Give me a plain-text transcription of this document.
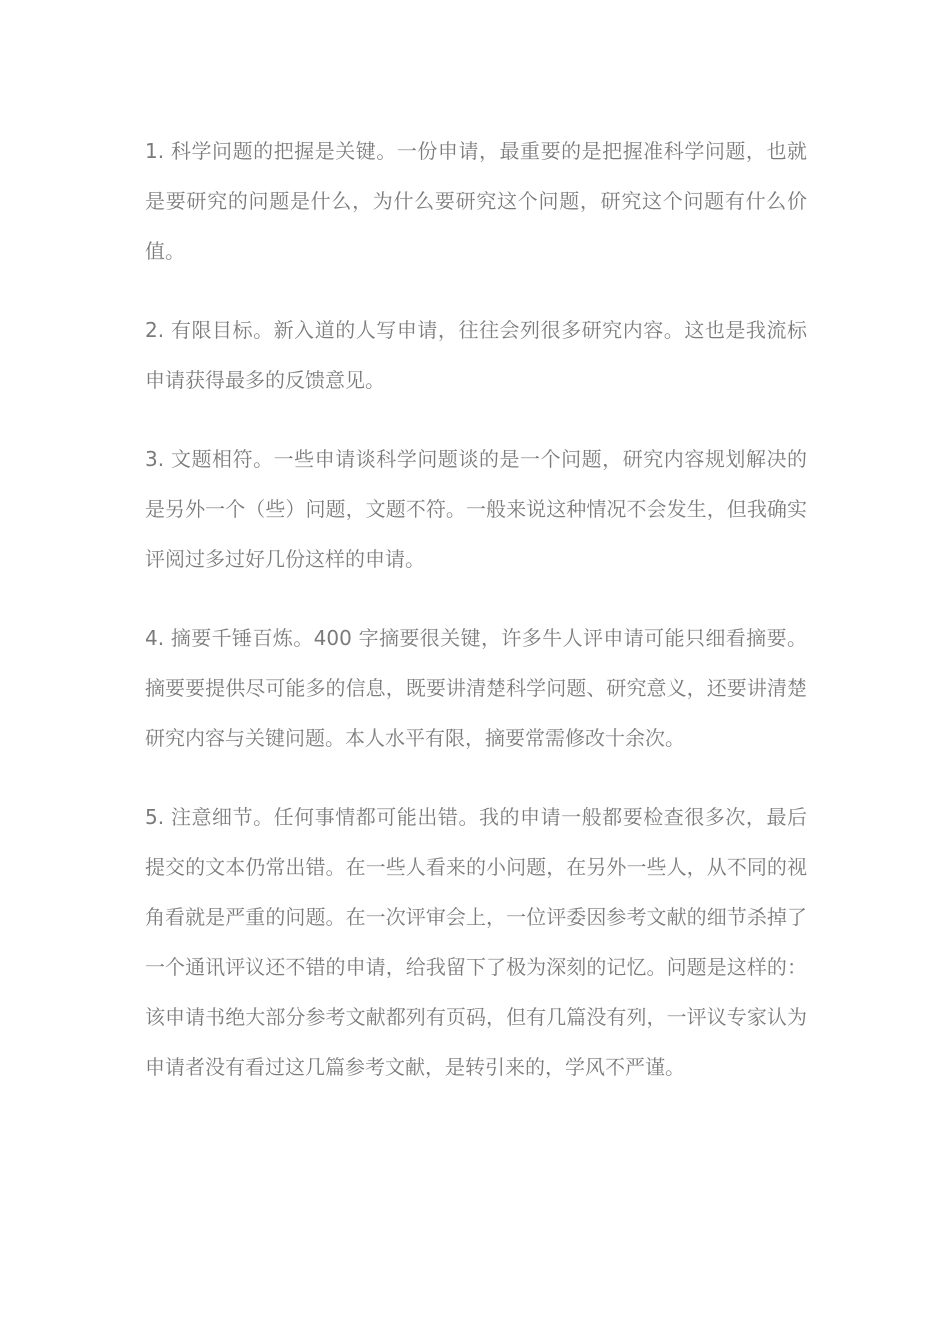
1. 科学问题的把握是关键。一份申请，最重要的是把握准科学问题，也就是要研究的问题是什么，为什么要研究这个问题，研究这个问题有什么价值。

2. 有限目标。新入道的人写申请，往往会列很多研究内容。这也是我流标申请获得最多的反馈意见。

3. 文题相符。一些申请谈科学问题谈的是一个问题，研究内容规划解决的是另外一个（些）问题，文题不符。一般来说这种情况不会发生，但我确实评阅过多过好几份这样的申请。

4. 摘要千锤百炼。400 字摘要很关键，许多牛人评申请可能只细看摘要。摘要要提供尽可能多的信息，既要讲清楚科学问题、研究意义，还要讲清楚研究内容与关键问题。本人水平有限，摘要常需修改十余次。

5. 注意细节。任何事情都可能出错。我的申请一般都要检查很多次，最后提交的文本仍常出错。在一些人看来的小问题，在另外一些人，从不同的视角看就是严重的问题。在一次评审会上，一位评委因参考文献的细节杀掉了一个通讯评议还不错的申请，给我留下了极为深刻的记忆。问题是这样的：该申请书绝大部分参考文献都列有页码，但有几篇没有列，一评议专家认为申请者没有看过这几篇参考文献，是转引来的，学风不严谨。
